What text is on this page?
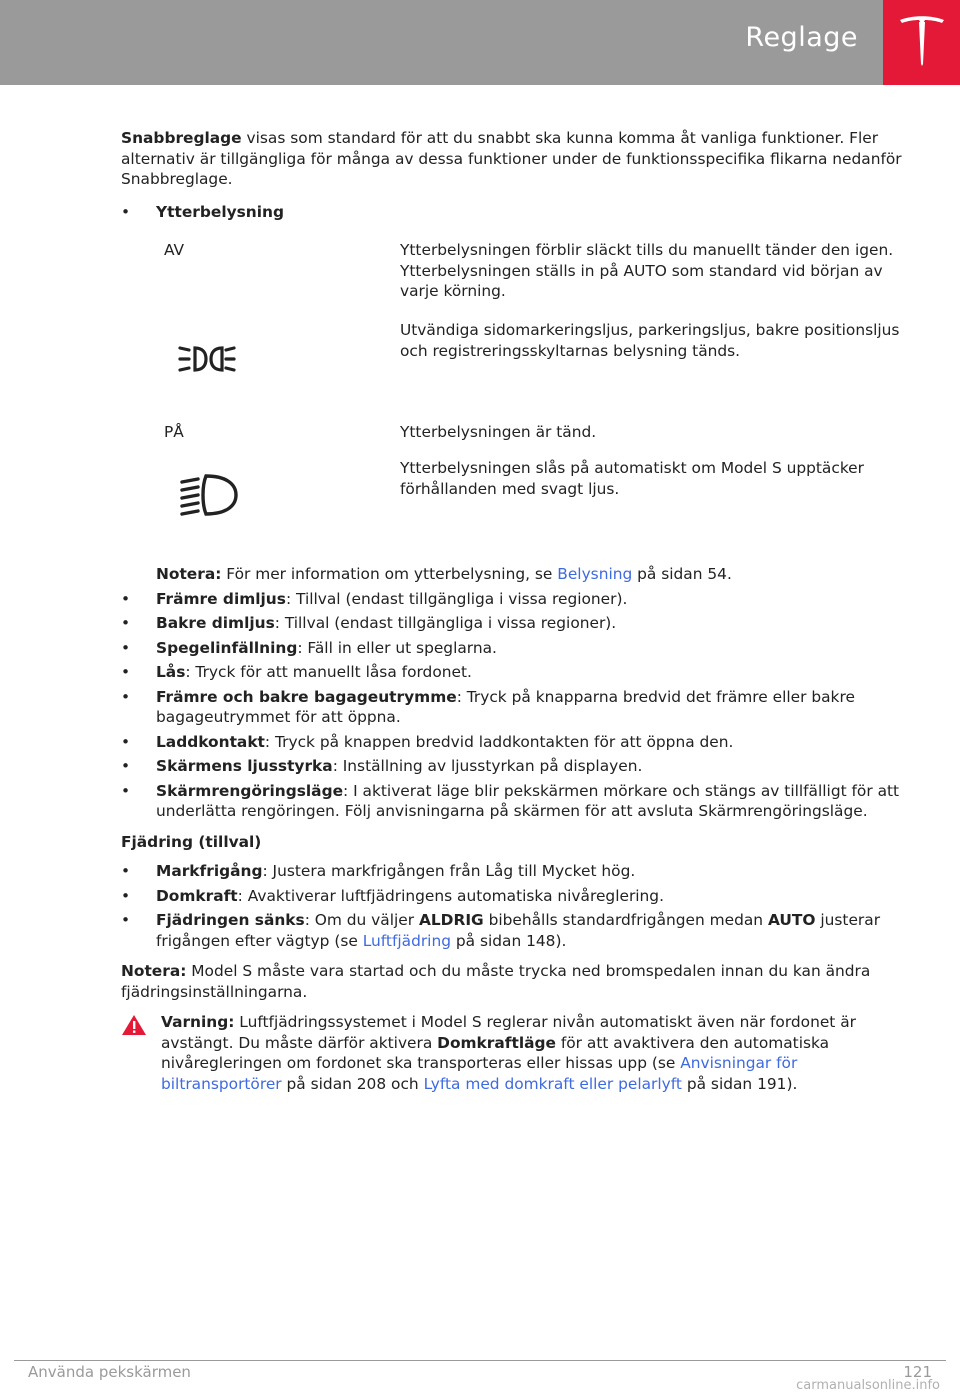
Reglage

Snabbreglage visas som standard för att du snabbt ska kunna komma åt vanliga funktioner. Fler alternativ är tillgängliga för många av dessa funktioner under de funktionsspecifika flikarna nedanför Snabbreglage.

• Ytterbelysning
AV	Ytterbelysningen förblir släckt tills du manuellt tänder den igen. Ytterbelysningen ställs in på AUTO som standard vid början av varje körning.
Utvändiga sidomarkeringsljus, parkeringsljus, bakre positionsljus och registreringsskyltarnas belysning tänds.
PÅ	Ytterbelysningen är tänd.
Ytterbelysningen slås på automatiskt om Model S upptäcker förhållanden med svagt ljus.

Notera: För mer information om ytterbelysning, se Belysning på sidan 54.

• Främre dimljus: Tillval (endast tillgängliga i vissa regioner).
• Bakre dimljus: Tillval (endast tillgängliga i vissa regioner).
• Spegelinfällning: Fäll in eller ut speglarna.
• Lås: Tryck för att manuellt låsa fordonet.
• Främre och bakre bagageutrymme: Tryck på knapparna bredvid det främre eller bakre bagageutrymmet för att öppna.
• Laddkontakt: Tryck på knappen bredvid laddkontakten för att öppna den.
• Skärmens ljusstyrka: Inställning av ljusstyrkan på displayen.
• Skärmrengöringsläge: I aktiverat läge blir pekskärmen mörkare och stängs av tillfälligt för att underlätta rengöringen. Följ anvisningarna på skärmen för att avsluta Skärmrengöringsläge.

Fjädring (tillval)

• Markfrigång: Justera markfrigången från Låg till Mycket hög.
• Domkraft: Avaktiverar luftfjädringens automatiska nivåreglering.
• Fjädringen sänks: Om du väljer ALDRIG bibehålls standardfrigången medan AUTO justerar frigången efter vägtyp (se Luftfjädring på sidan 148).

Notera: Model S måste vara startad och du måste trycka ned bromspedalen innan du kan ändra fjädringsinställningarna.

Varning: Luftfjädringssystemet i Model S reglerar nivån automatiskt även när fordonet är avstängt. Du måste därför aktivera Domkraftläge för att avaktivera den automatiska nivåregleringen om fordonet ska transporteras eller hissas upp (se Anvisningar för biltransportörer på sidan 208 och Lyfta med domkraft eller pelarlyft på sidan 191).

Använda pekskärmen	121
carmanualsonline.info
